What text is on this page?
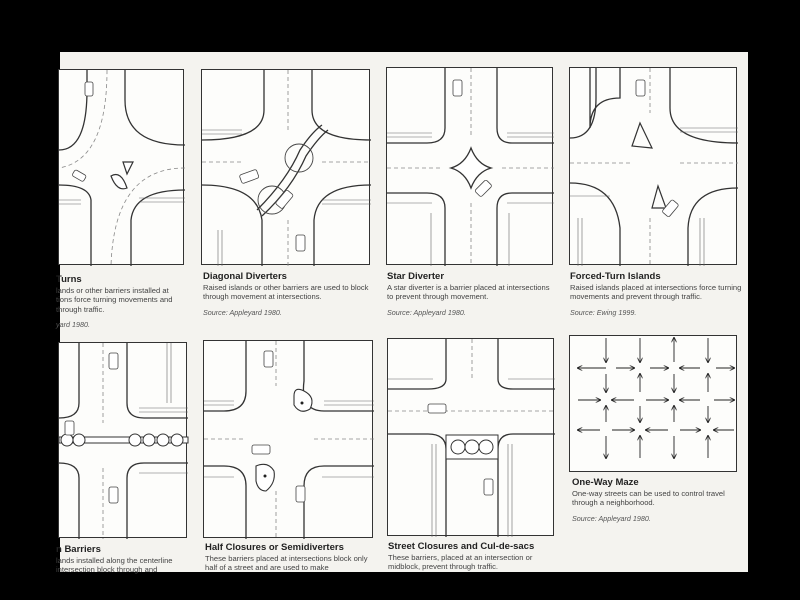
Turns
lands or other barriers installed at tions force turning movements and through traffic.
yard 1980.
Diagonal Diverters
Raised islands or other barriers are used to block through movement at intersections.
Source: Appleyard 1980.
Star Diverter
A star diverter is a barrier placed at intersections to prevent through movement.
Source: Appleyard 1980.
Forced-Turn Islands
Raised islands placed at intersections force turning movements and prevent through traffic.
Source: Ewing 1999.
n Barriers
lands installed along the centerline intersection block through and
Half Closures or Semidiverters
These barriers placed at intersections block only half of a street and are used to make
Street Closures and Cul-de-sacs
These barriers, placed at an intersection or midblock, prevent through traffic.
One-Way Maze
One-way streets can be used to control travel through a neighborhood.
Source: Appleyard 1980.
